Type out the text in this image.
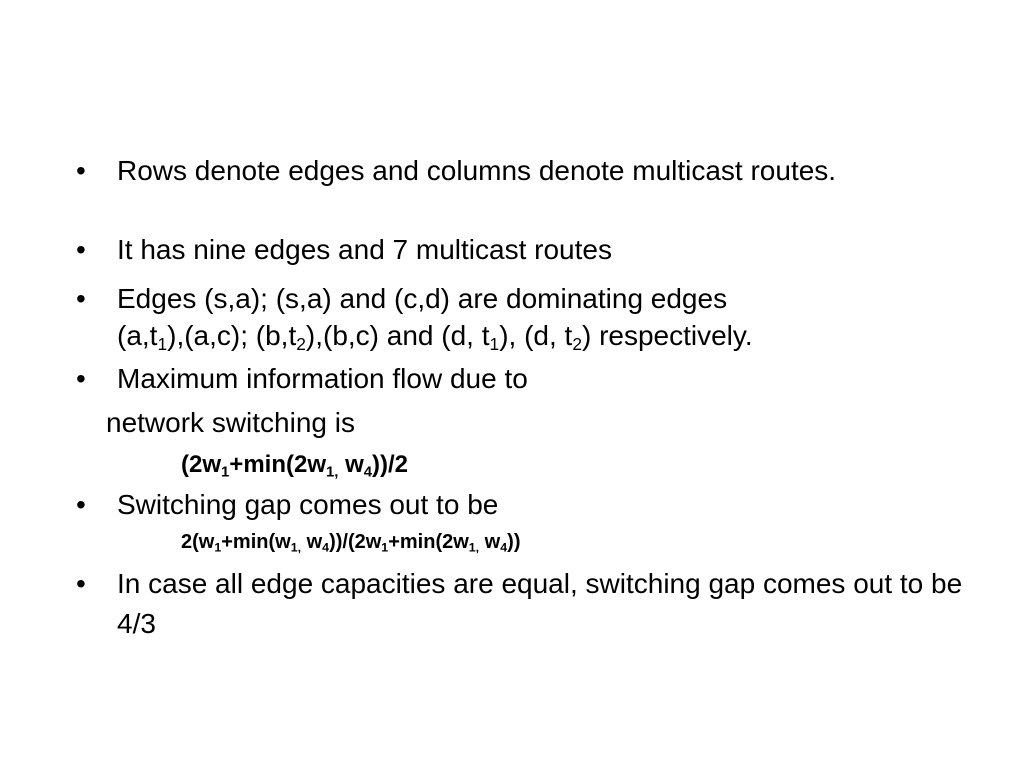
• Rows denote edges and columns denote multicast routes.
• It has nine edges and 7 multicast routes
• Edges (s,a); (s,a) and (c,d) are dominating edges
$(a,t_1),(a,c)$; $(b,t_2),(b,c)$ and (d, $t_1$), (d, $t_2$) respectively.
• Maximum information flow due to
network switching is
($2w_1+\min(2w_{1,}$ $w_4))/2$
• Switching gap comes out to be
$2(w_1+\min(w_{1,}$ $w_4))/(2w_1+\min(2w_{1,}$ $w_4$))
• In case all edge capacities are equal, switching gap comes out to be 4/3
